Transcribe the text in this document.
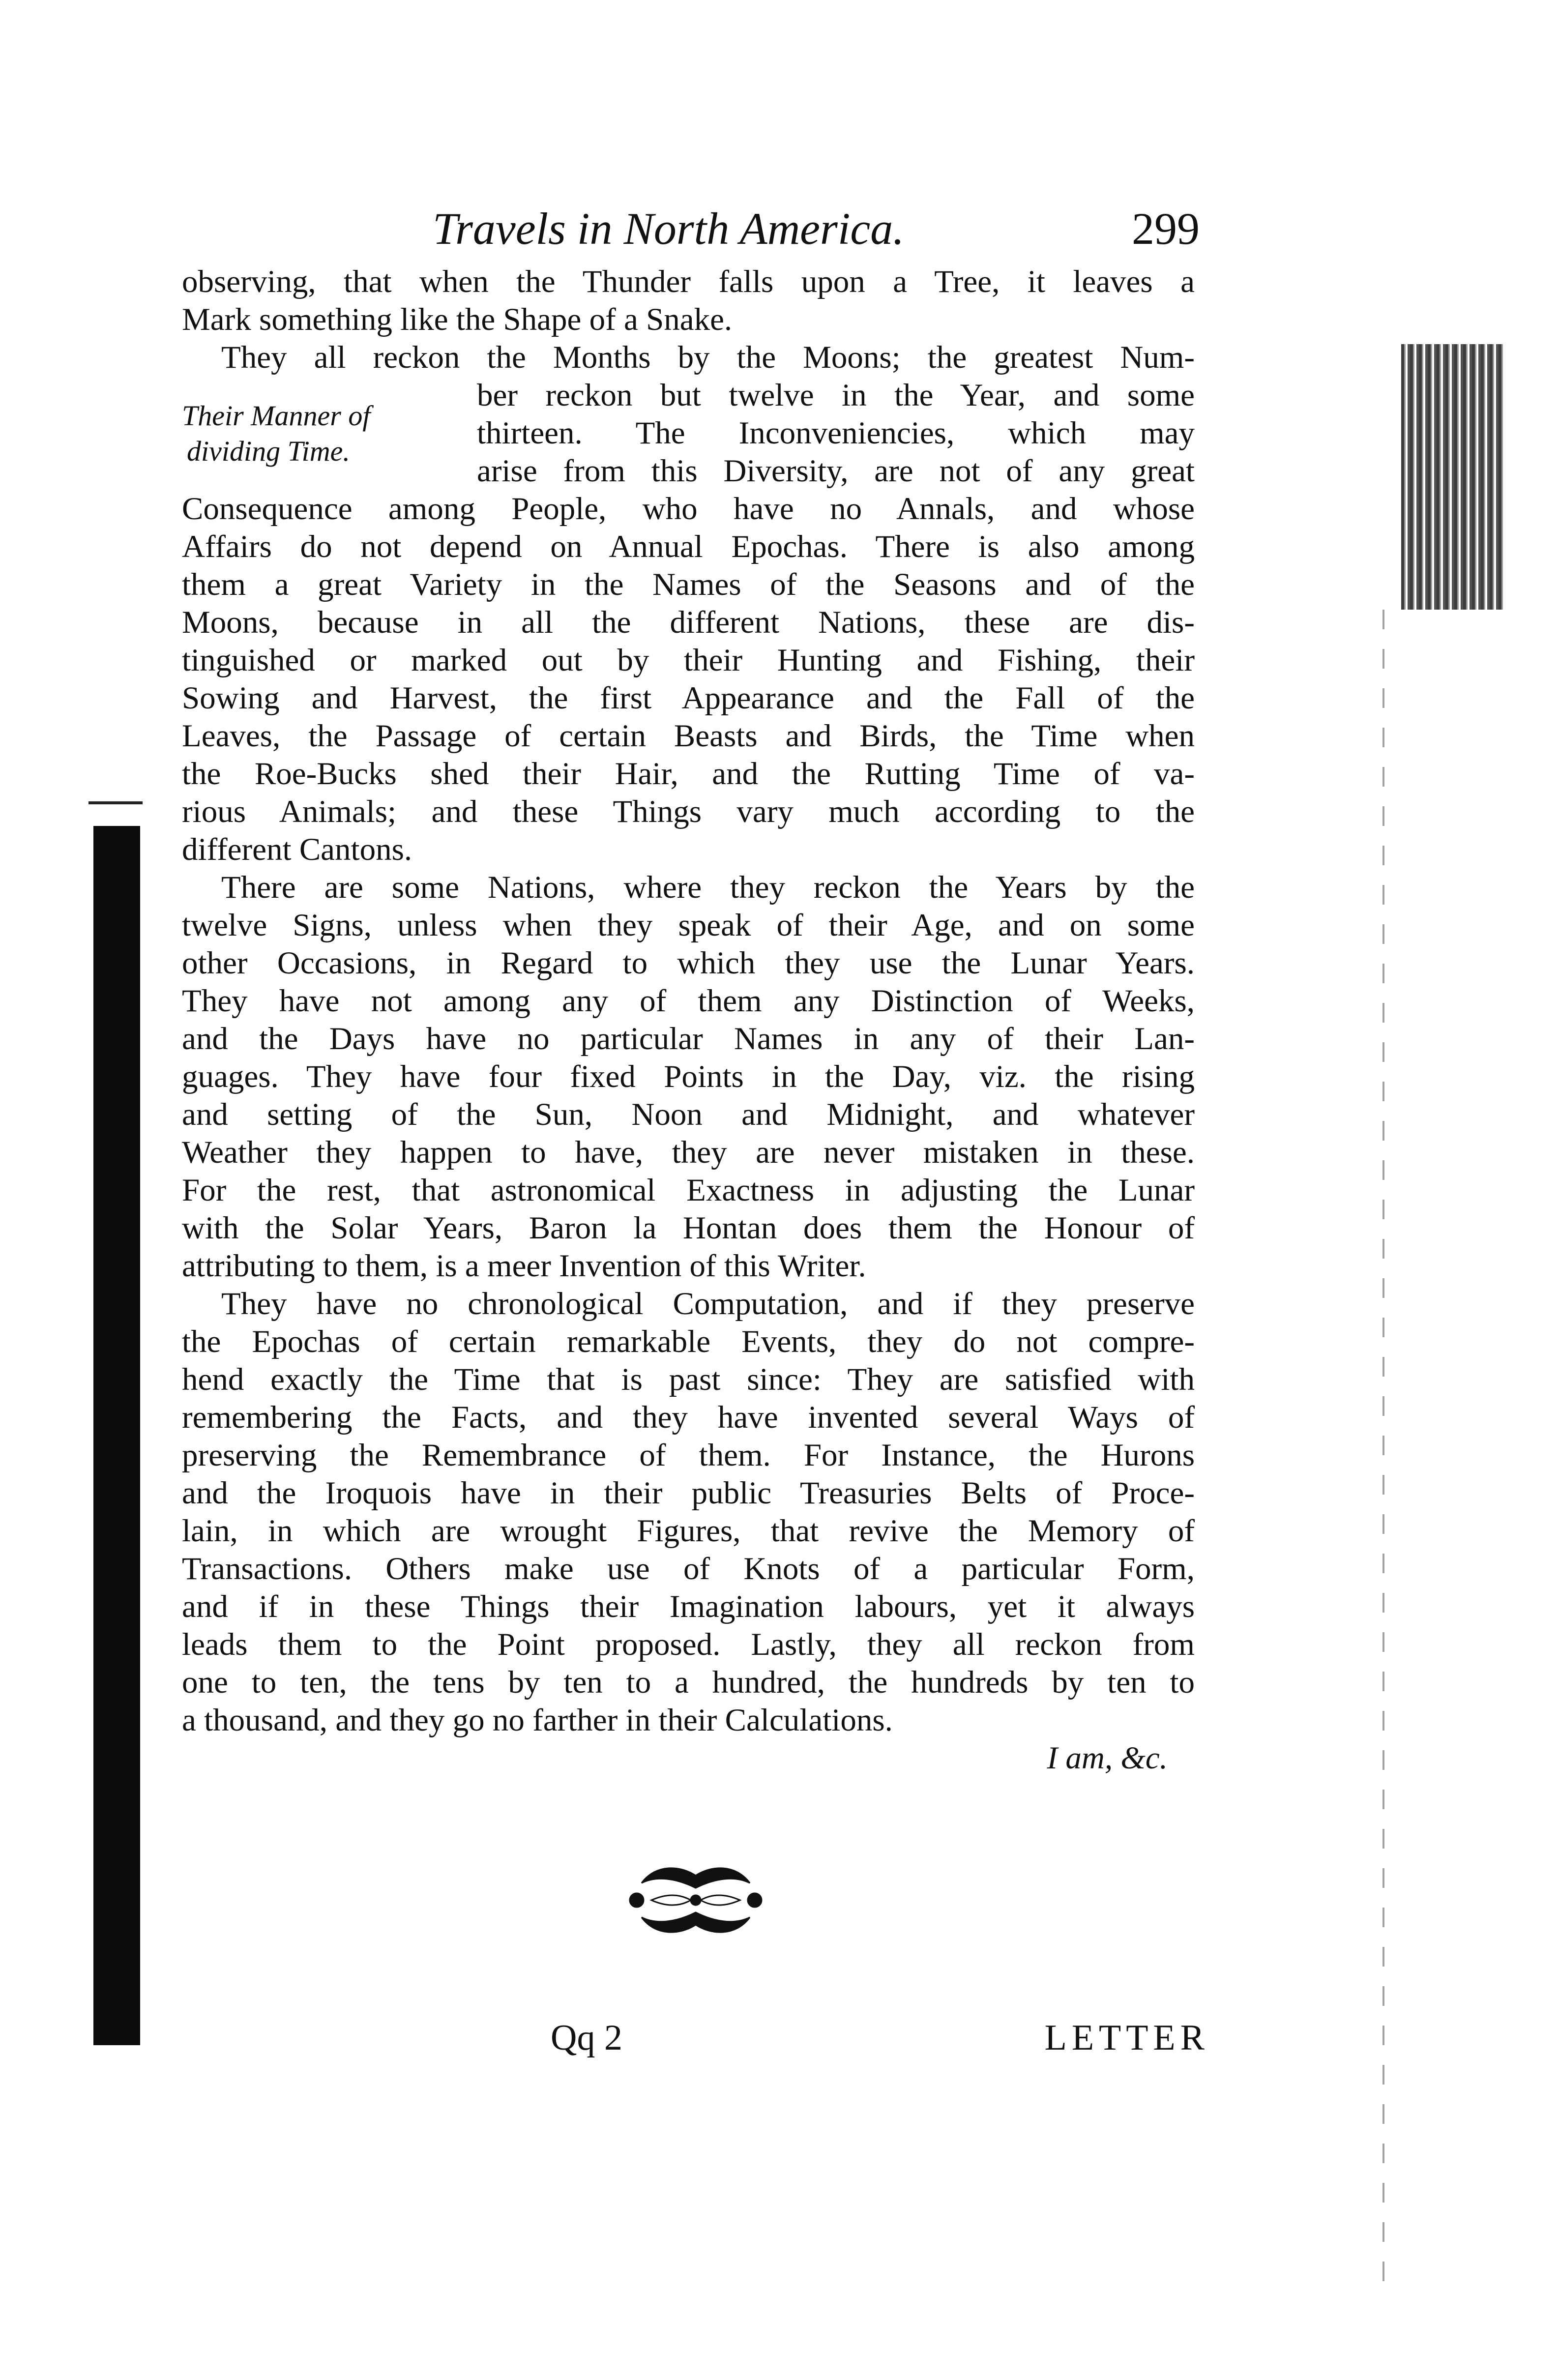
Travels in North America.	299
Their Manner of
dividing Time.
observing, that when the Thunder falls upon a Tree, it leaves a
Mark something like the Shape of a Snake.
They all reckon the Months by the Moons; the greatest Num-
ber reckon but twelve in the Year, and some
thirteen. The Inconveniencies, which may
arise from this Diversity, are not of any great
Consequence among People, who have no Annals, and whose
Affairs do not depend on Annual Epochas. There is also among
them a great Variety in the Names of the Seasons and of the
Moons, because in all the different Nations, these are dis-
tinguished or marked out by their Hunting and Fishing, their
Sowing and Harvest, the first Appearance and the Fall of the
Leaves, the Passage of certain Beasts and Birds, the Time when
the Roe-Bucks shed their Hair, and the Rutting Time of va-
rious Animals; and these Things vary much according to the
different Cantons.
There are some Nations, where they reckon the Years by the
twelve Signs, unless when they speak of their Age, and on some
other Occasions, in Regard to which they use the Lunar Years.
They have not among any of them any Distinction of Weeks,
and the Days have no particular Names in any of their Lan-
guages. They have four fixed Points in the Day, viz. the rising
and setting of the Sun, Noon and Midnight, and whatever
Weather they happen to have, they are never mistaken in these.
For the rest, that astronomical Exactness in adjusting the Lunar
with the Solar Years, Baron la Hontan does them the Honour of
attributing to them, is a meer Invention of this Writer.
They have no chronological Computation, and if they preserve
the Epochas of certain remarkable Events, they do not compre-
hend exactly the Time that is past since: They are satisfied with
remembering the Facts, and they have invented several Ways of
preserving the Remembrance of them. For Instance, the Hurons
and the Iroquois have in their public Treasuries Belts of Proce-
lain, in which are wrought Figures, that revive the Memory of
Transactions. Others make use of Knots of a particular Form,
and if in these Things their Imagination labours, yet it always
leads them to the Point proposed. Lastly, they all reckon from
one to ten, the tens by ten to a hundred, the hundreds by ten to
a thousand, and they go no farther in their Calculations.
I am, &c.
Qq 2	LETTER
